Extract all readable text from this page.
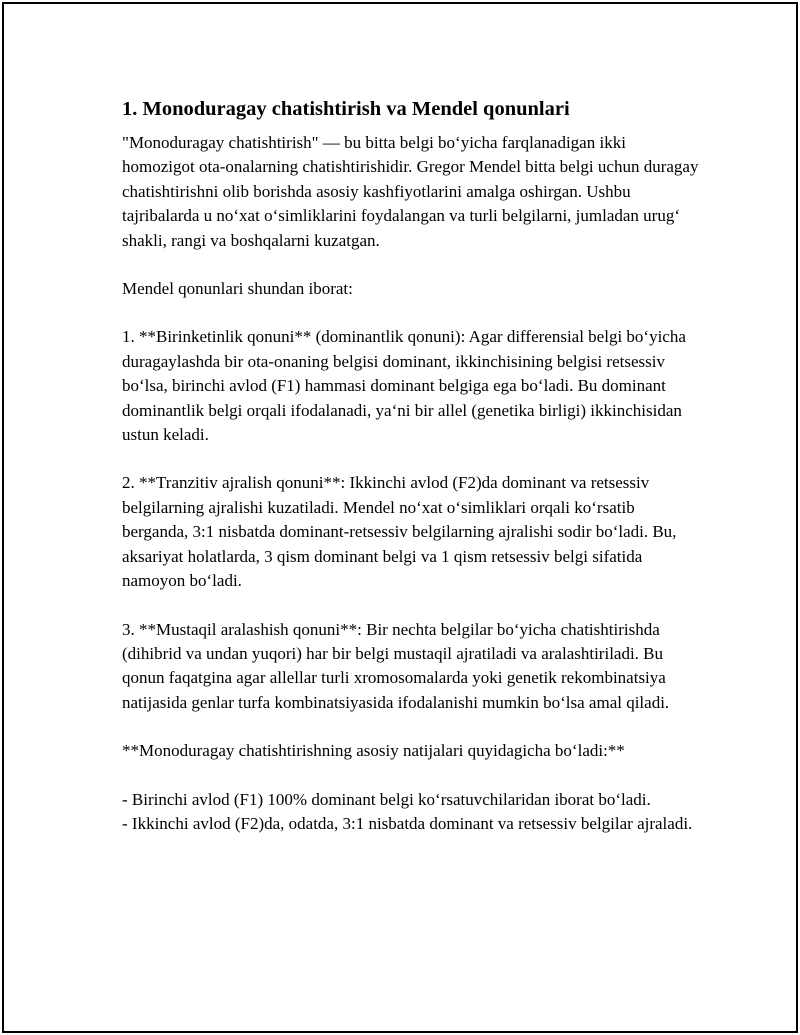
1. Monoduragay chatishtirish va Mendel qonunlari

"Monoduragay chatishtirish" — bu bitta belgi bo‘yicha farqlanadigan ikki homozigot ota-onalarning chatishtirishidir. Gregor Mendel bitta belgi uchun duragay chatishtirishni olib borishda asosiy kashfiyotlarini amalga oshirgan. Ushbu tajribalarda u no‘xat o‘simliklarini foydalangan va turli belgilarni, jumladan urug‘ shakli, rangi va boshqalarni kuzatgan.

Mendel qonunlari shundan iborat:

1. **Birinketinlik qonuni** (dominantlik qonuni): Agar differensial belgi bo‘yicha duragaylashda bir ota-onaning belgisi dominant, ikkinchisining belgisi retsessiv bo‘lsa, birinchi avlod (F1) hammasi dominant belgiga ega bo‘ladi. Bu dominant dominantlik belgi orqali ifodalanadi, ya‘ni bir allel (genetika birligi) ikkinchisidan ustun keladi.

2. **Tranzitiv ajralish qonuni**: Ikkinchi avlod (F2)da dominant va retsessiv belgilarning ajralishi kuzatiladi. Mendel no‘xat o‘simliklari orqali ko‘rsatib berganda, 3:1 nisbatda dominant-retsessiv belgilarning ajralishi sodir bo‘ladi. Bu, aksariyat holatlarda, 3 qism dominant belgi va 1 qism retsessiv belgi sifatida namoyon bo‘ladi.

3. **Mustaqil aralashish qonuni**: Bir nechta belgilar bo‘yicha chatishtirishda (dihibrid va undan yuqori) har bir belgi mustaqil ajratiladi va aralashtiriladi. Bu qonun faqatgina agar allellar turli xromosomalarda yoki genetik rekombinatsiya natijasida genlar turfa kombinatsiyasida ifodalanishi mumkin bo‘lsa amal qiladi.

**Monoduragay chatishtirishning asosiy natijalari quyidagicha bo‘ladi:**

- Birinchi avlod (F1) 100% dominant belgi ko‘rsatuvchilaridan iborat bo‘ladi.

- Ikkinchi avlod (F2)da, odatda, 3:1 nisbatda dominant va retsessiv belgilar ajraladi.
